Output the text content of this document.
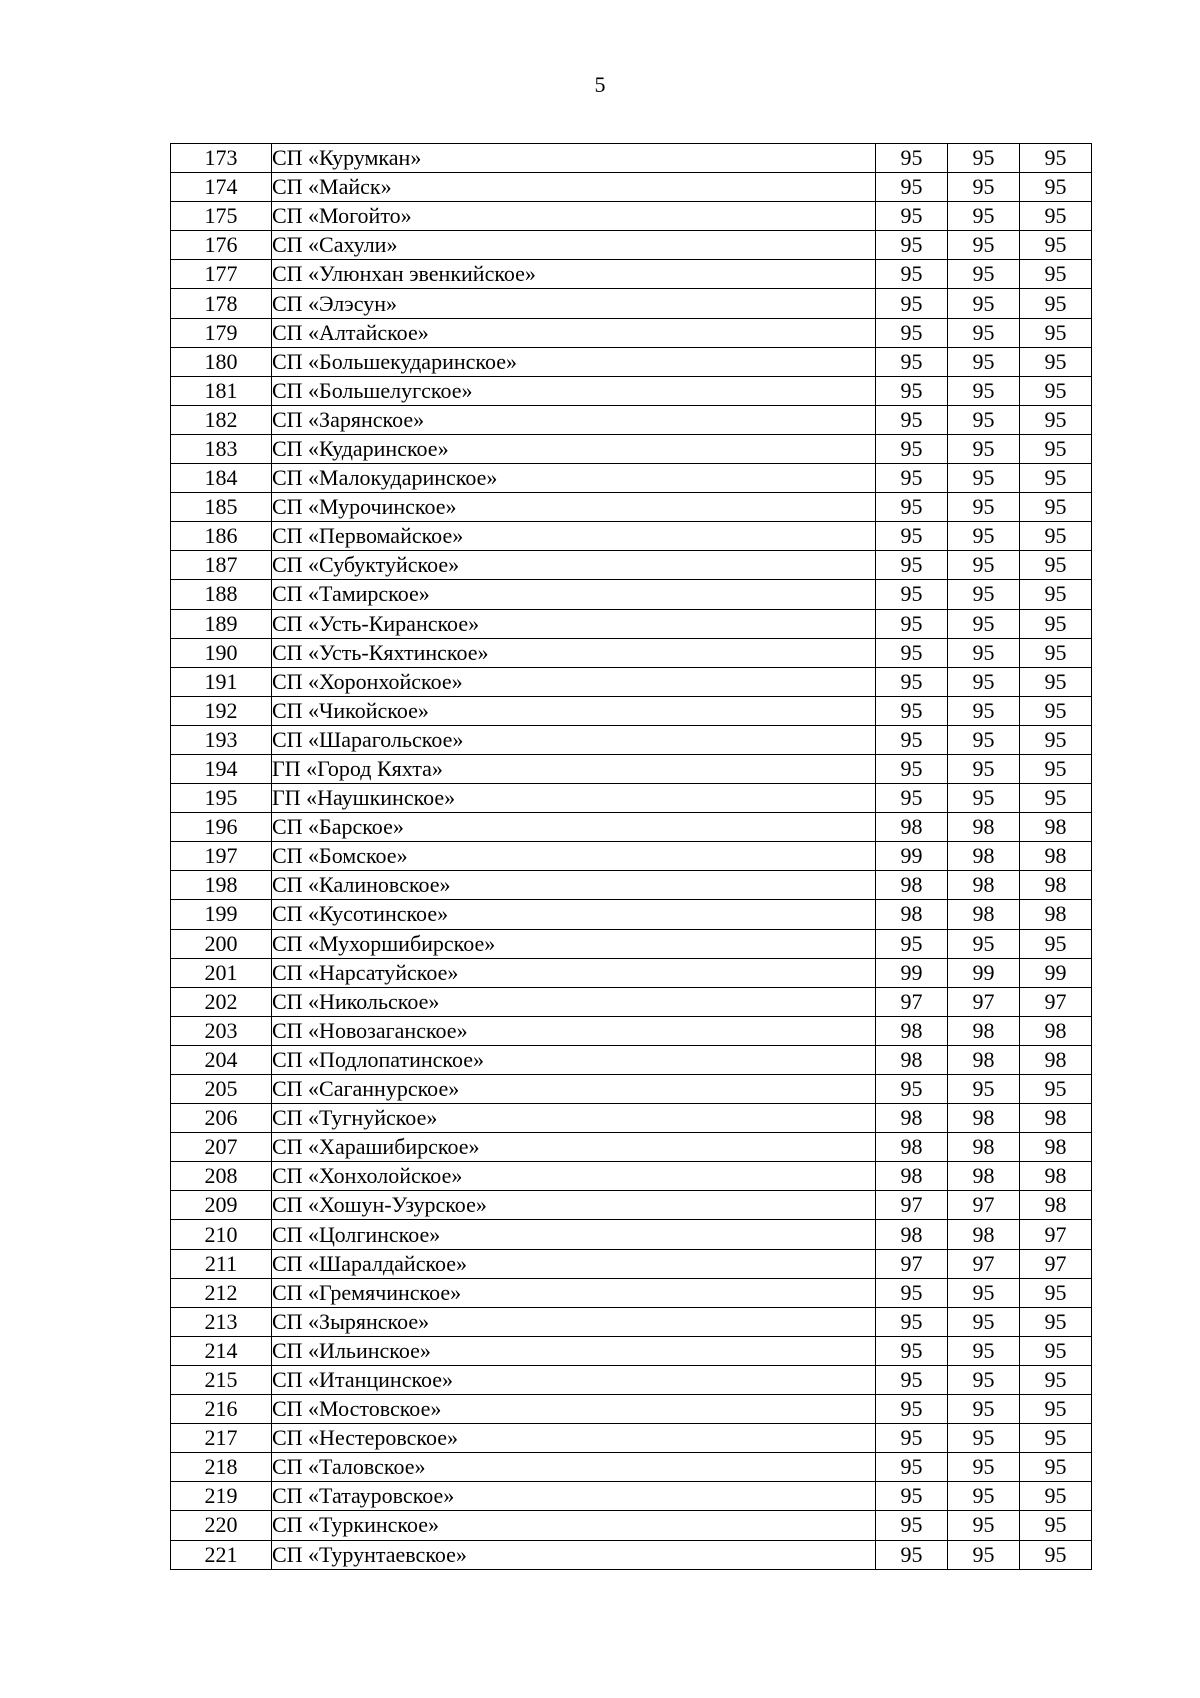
5
173	СП «Курумкан»	95	95	95
174	СП «Майск»	95	95	95
175	СП «Могойто»	95	95	95
176	СП «Сахули»	95	95	95
177	СП «Улюнхан эвенкийское»	95	95	95
178	СП «Элэсун»	95	95	95
179	СП «Алтайское»	95	95	95
180	СП «Большекударинское»	95	95	95
181	СП «Большелугское»	95	95	95
182	СП «Зарянское»	95	95	95
183	СП «Кударинское»	95	95	95
184	СП «Малокударинское»	95	95	95
185	СП «Мурочинское»	95	95	95
186	СП «Первомайское»	95	95	95
187	СП «Субуктуйское»	95	95	95
188	СП «Тамирское»	95	95	95
189	СП «Усть-Киранское»	95	95	95
190	СП «Усть-Кяхтинское»	95	95	95
191	СП «Хоронхойское»	95	95	95
192	СП «Чикойское»	95	95	95
193	СП «Шарагольское»	95	95	95
194	ГП «Город Кяхта»	95	95	95
195	ГП «Наушкинское»	95	95	95
196	СП «Барское»	98	98	98
197	СП «Бомское»	99	98	98
198	СП «Калиновское»	98	98	98
199	СП «Кусотинское»	98	98	98
200	СП «Мухоршибирское»	95	95	95
201	СП «Нарсатуйское»	99	99	99
202	СП «Никольское»	97	97	97
203	СП «Новозаганское»	98	98	98
204	СП «Подлопатинское»	98	98	98
205	СП «Саганнурское»	95	95	95
206	СП «Тугнуйское»	98	98	98
207	СП «Харашибирское»	98	98	98
208	СП «Хонхолойское»	98	98	98
209	СП «Хошун-Узурское»	97	97	98
210	СП «Цолгинское»	98	98	97
211	СП «Шаралдайское»	97	97	97
212	СП «Гремячинское»	95	95	95
213	СП «Зырянское»	95	95	95
214	СП «Ильинское»	95	95	95
215	СП «Итанцинское»	95	95	95
216	СП «Мостовское»	95	95	95
217	СП «Нестеровское»	95	95	95
218	СП «Таловское»	95	95	95
219	СП «Татауровское»	95	95	95
220	СП «Туркинское»	95	95	95
221	СП «Турунтаевское»	95	95	95
